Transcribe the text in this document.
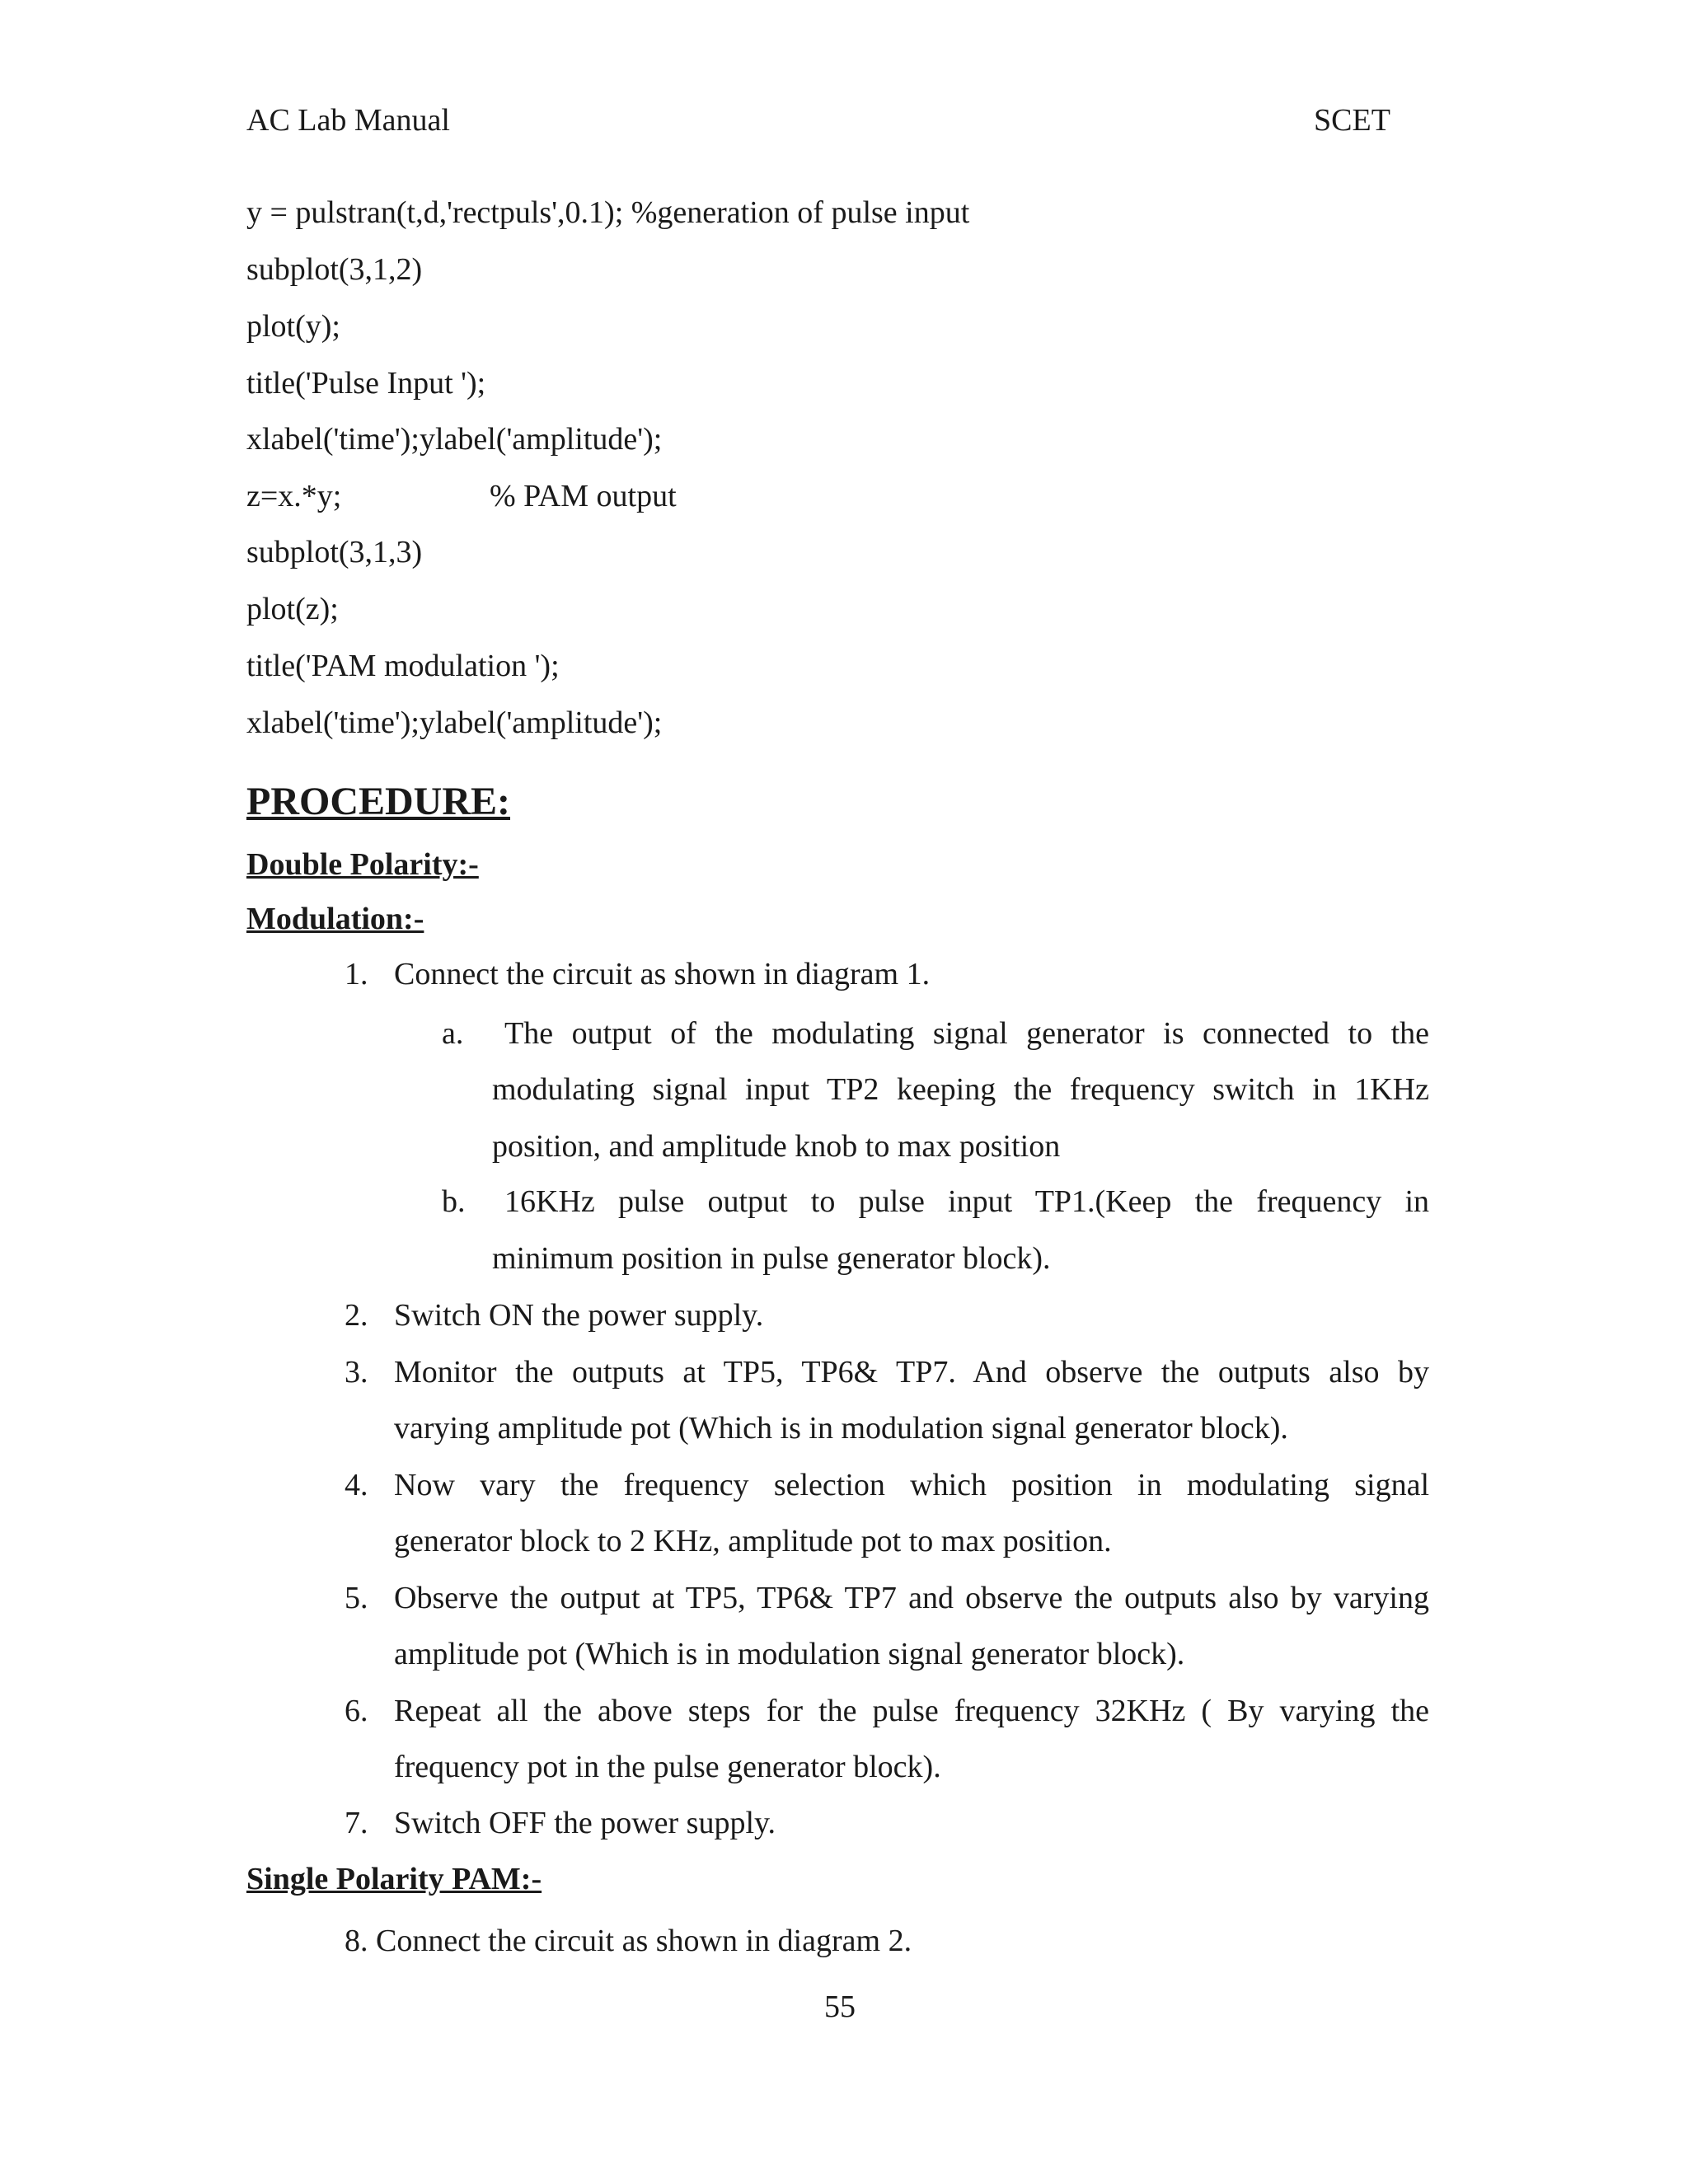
AC Lab Manual	SCET
y = pulstran(t,d,'rectpuls',0.1); %generation of pulse input
subplot(3,1,2)
plot(y);
title('Pulse Input ');
xlabel('time');ylabel('amplitude');
z=x.*y;	% PAM output
subplot(3,1,3)
plot(z);
title('PAM modulation ');
xlabel('time');ylabel('amplitude');
PROCEDURE:
Double Polarity:-
Modulation:-
1. Connect the circuit as shown in diagram 1.
a. The output of the modulating signal generator is connected to the
modulating signal input TP2 keeping the frequency switch in 1KHz
position, and amplitude knob to max position
b. 16KHz pulse output to pulse input TP1.(Keep the frequency in
minimum position in pulse generator block).
2. Switch ON the power supply.
3. Monitor the outputs at TP5, TP6& TP7. And observe the outputs also by
varying amplitude pot (Which is in modulation signal generator block).
4. Now vary the frequency selection which position in modulating signal
generator block to 2 KHz, amplitude pot to max position.
5. Observe the output at TP5, TP6& TP7 and observe the outputs also by varying
amplitude pot (Which is in modulation signal generator block).
6. Repeat all the above steps for the pulse frequency 32KHz ( By varying the
frequency pot in the pulse generator block).
7. Switch OFF the power supply.
Single Polarity PAM:-
8. Connect the circuit as shown in diagram 2.
55
